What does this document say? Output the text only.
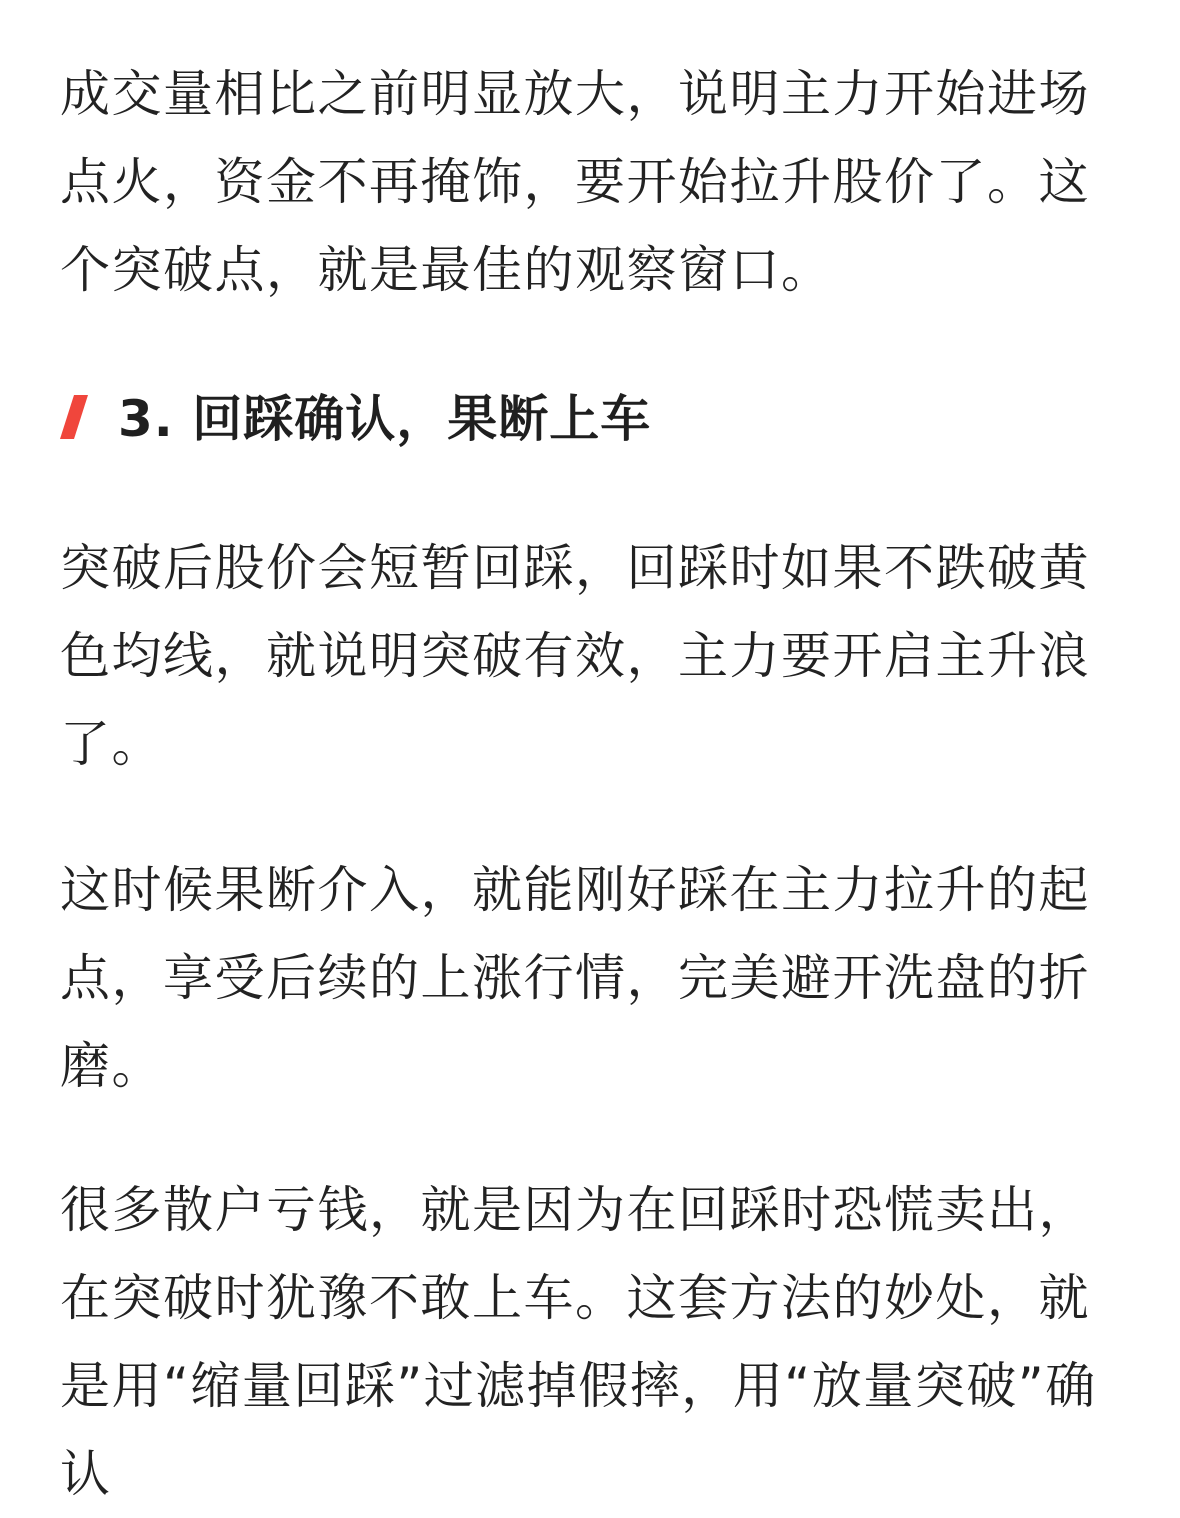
成交量相比之前明显放大，说明主力开始进场点火，资金不再掩饰，要开始拉升股价了。这个突破点，就是最佳的观察窗口。

3. 回踩确认，果断上车

突破后股价会短暂回踩，回踩时如果不跌破黄色均线，就说明突破有效，主力要开启主升浪了。

这时候果断介入，就能刚好踩在主力拉升的起点，享受后续的上涨行情，完美避开洗盘的折磨。

很多散户亏钱，就是因为在回踩时恐慌卖出，在突破时犹豫不敢上车。这套方法的妙处，就是用“缩量回踩”过滤掉假摔，用“放量突破”确认
